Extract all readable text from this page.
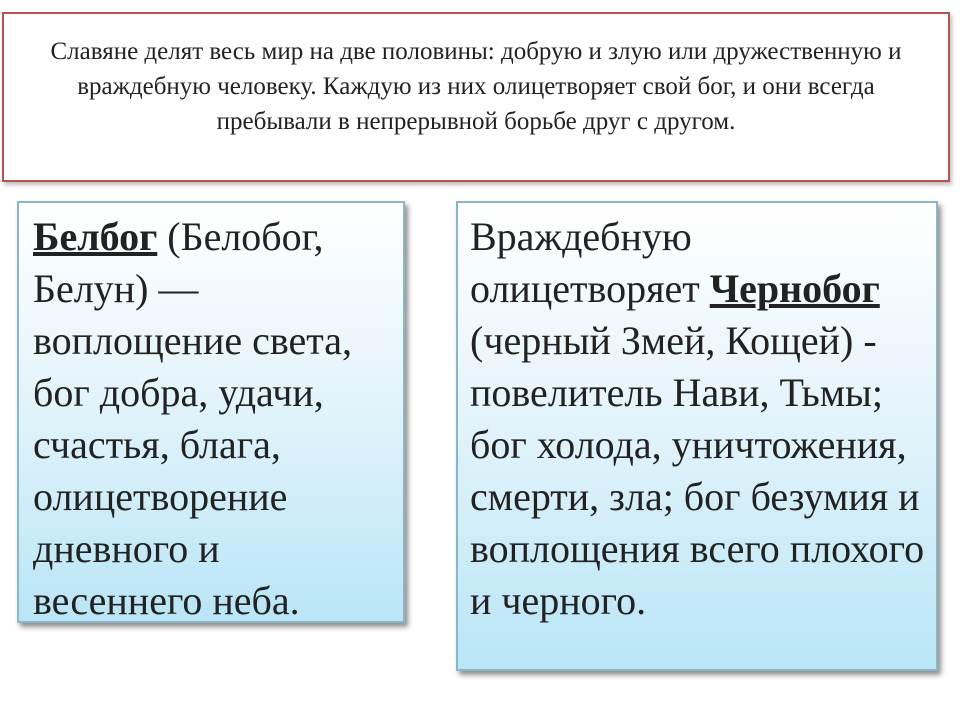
Славяне делят весь мир на две половины: добрую и злую или дружественную и враждебную человеку. Каждую из них олицетворяет свой бог, и они всегда пребывали в непрерывной борьбе друг с другом.
Белбог (Белобог, Белун) — воплощение света, бог добра, удачи, счастья, блага, олицетворение дневного и весеннего неба.
Враждебную олицетворяет Чернобог (черный Змей, Кощей) - повелитель Нави, Тьмы; бог холода, уничтожения, смерти, зла; бог безумия и воплощения всего плохого и черного.
